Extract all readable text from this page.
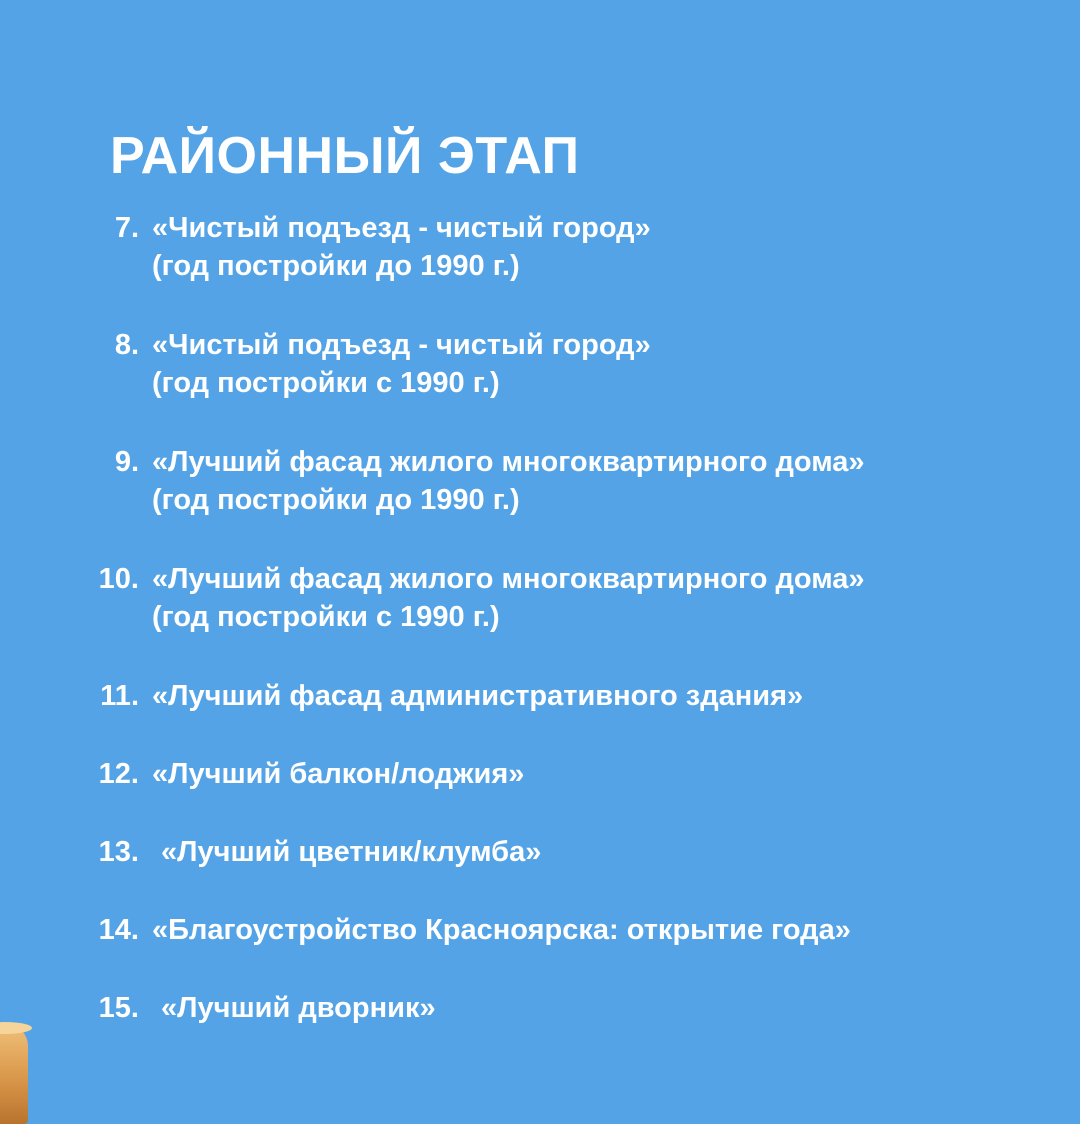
РАЙОННЫЙ ЭТАП
7. «Чистый подъезд - чистый город»
(год постройки до 1990 г.)
8. «Чистый подъезд - чистый город»
(год постройки с 1990 г.)
9. «Лучший фасад жилого многоквартирного дома»
(год постройки до 1990 г.)
10. «Лучший фасад жилого многоквартирного дома»
(год постройки с 1990 г.)
11. «Лучший фасад административного здания»
12. «Лучший балкон/лоджия»
13. «Лучший цветник/клумба»
14. «Благоустройство Красноярска: открытие года»
15. «Лучший дворник»
